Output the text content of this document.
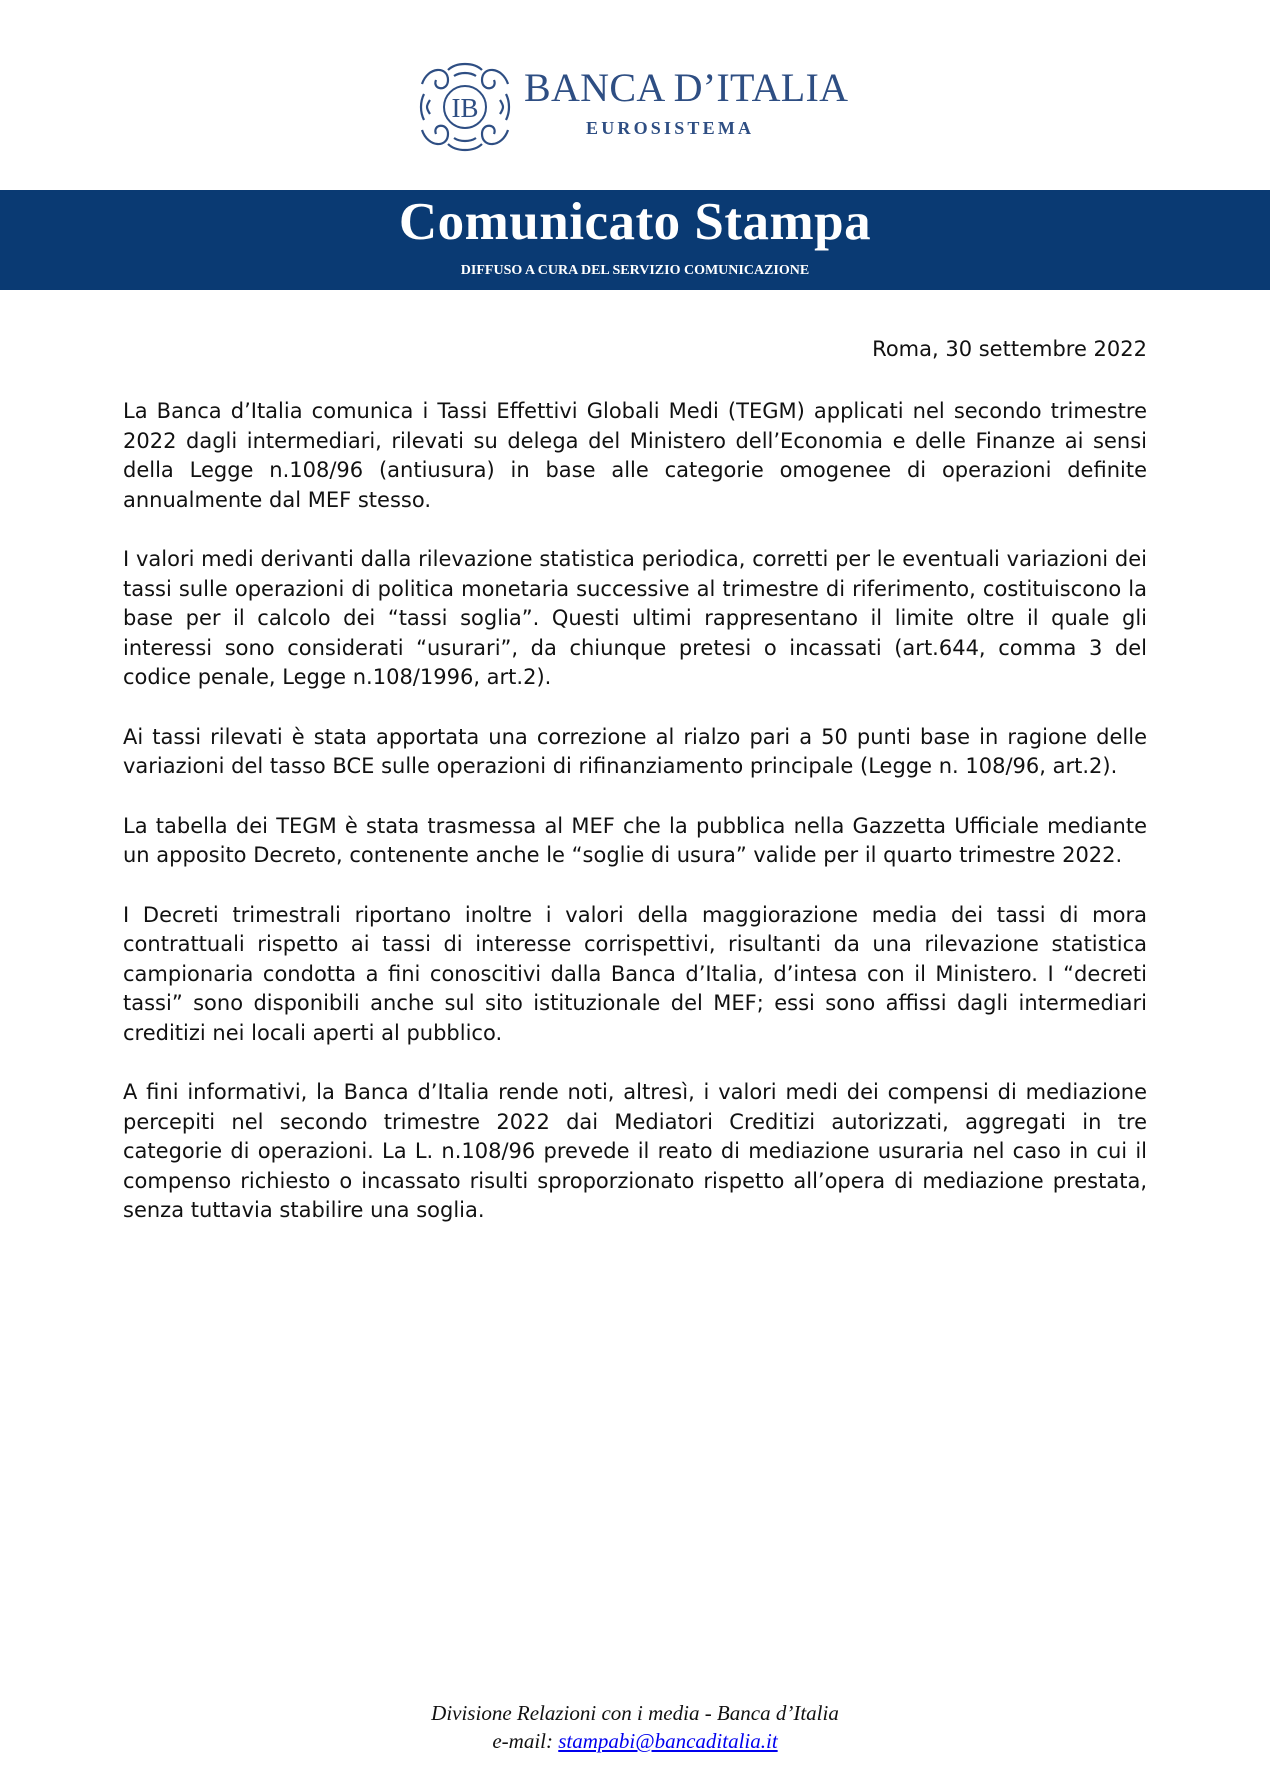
IB BANCA D’ITALIA
EUROSISTEMA
Comunicato Stampa
DIFFUSO A CURA DEL SERVIZIO COMUNICAZIONE
Roma, 30 settembre 2022

La Banca d’Italia comunica i Tassi Effettivi Globali Medi (TEGM) applicati nel secondo trimestre 2022 dagli intermediari, rilevati su delega del Ministero dell’Economia e delle Finanze ai sensi della Legge n.108/96 (antiusura) in base alle categorie omogenee di operazioni definite annualmente dal MEF stesso.

I valori medi derivanti dalla rilevazione statistica periodica, corretti per le eventuali variazioni dei tassi sulle operazioni di politica monetaria successive al trimestre di riferimento, costituiscono la base per il calcolo dei “tassi soglia”. Questi ultimi rappresentano il limite oltre il quale gli interessi sono considerati “usurari”, da chiunque pretesi o incassati (art.644, comma 3 del codice penale, Legge n.108/1996, art.2).

Ai tassi rilevati è stata apportata una correzione al rialzo pari a 50 punti base in ragione delle variazioni del tasso BCE sulle operazioni di rifinanziamento principale (Legge n. 108/96, art.2).

La tabella dei TEGM è stata trasmessa al MEF che la pubblica nella Gazzetta Ufficiale mediante un apposito Decreto, contenente anche le “soglie di usura” valide per il quarto trimestre 2022.

I Decreti trimestrali riportano inoltre i valori della maggiorazione media dei tassi di mora contrattuali rispetto ai tassi di interesse corrispettivi, risultanti da una rilevazione statistica campionaria condotta a fini conoscitivi dalla Banca d’Italia, d’intesa con il Ministero. I “decreti tassi” sono disponibili anche sul sito istituzionale del MEF; essi sono affissi dagli intermediari creditizi nei locali aperti al pubblico.

A fini informativi, la Banca d’Italia rende noti, altresì, i valori medi dei compensi di mediazione percepiti nel secondo trimestre 2022 dai Mediatori Creditizi autorizzati, aggregati in tre categorie di operazioni. La L. n.108/96 prevede il reato di mediazione usuraria nel caso in cui il compenso richiesto o incassato risulti sproporzionato rispetto all’opera di mediazione prestata, senza tuttavia stabilire una soglia.

Divisione Relazioni con i media - Banca d’Italia
e-mail: stampabi@bancaditalia.it
